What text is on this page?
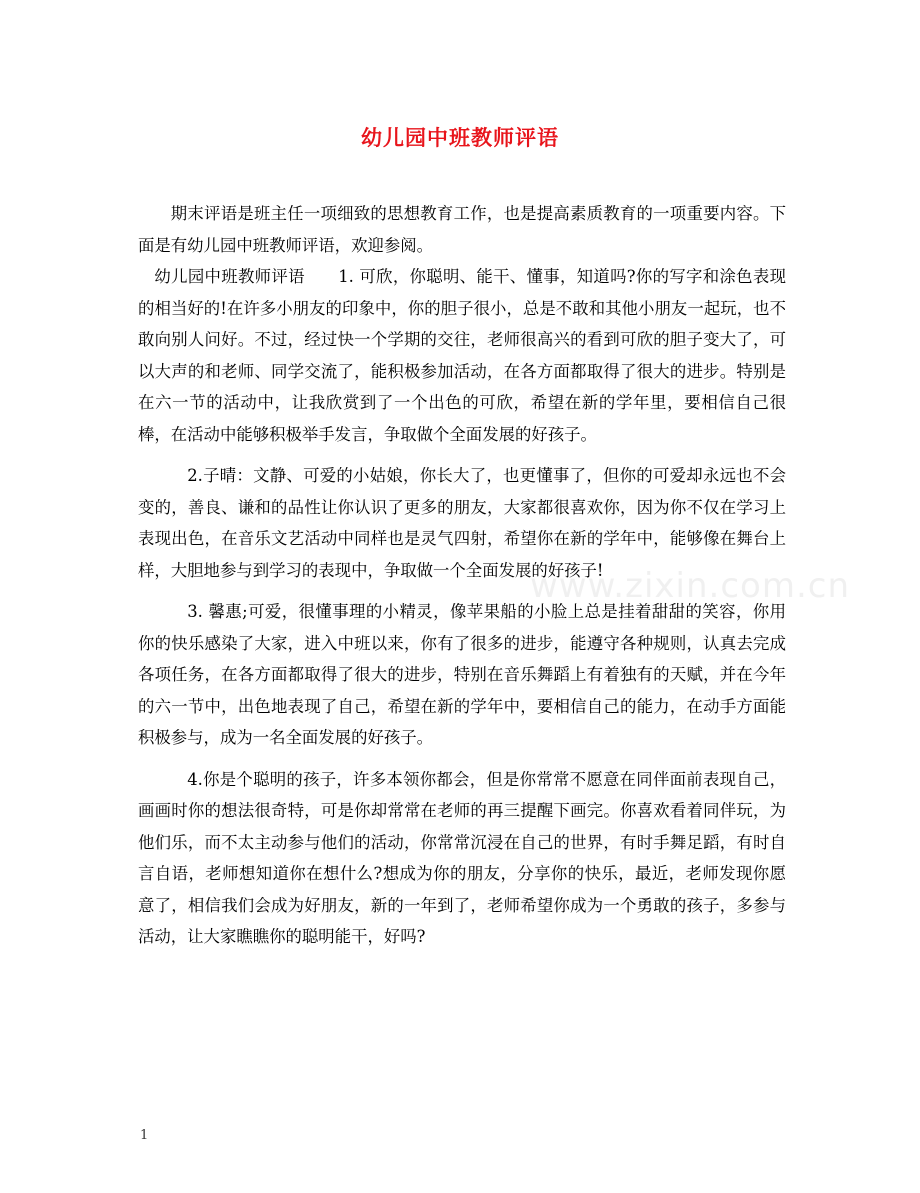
幼儿园中班教师评语
www.zixin.com.cn

期末评语是班主任一项细致的思想教育工作，也是提高素质教育的一项重要内容。下面是有幼儿园中班教师评语，欢迎参阅。

幼儿园中班教师评语　　1. 可欣，你聪明、能干、懂事，知道吗?你的写字和涂色表现的相当好的!在许多小朋友的印象中，你的胆子很小，总是不敢和其他小朋友一起玩，也不敢向别人问好。不过，经过快一个学期的交往，老师很高兴的看到可欣的胆子变大了，可以大声的和老师、同学交流了，能积极参加活动，在各方面都取得了很大的进步。特别是在六一节的活动中，让我欣赏到了一个出色的可欣，希望在新的学年里，要相信自己很棒，在活动中能够积极举手发言，争取做个全面发展的好孩子。

2.子晴：文静、可爱的小姑娘，你长大了，也更懂事了，但你的可爱却永远也不会变的，善良、谦和的品性让你认识了更多的朋友，大家都很喜欢你，因为你不仅在学习上表现出色，在音乐文艺活动中同样也是灵气四射，希望你在新的学年中，能够像在舞台上样，大胆地参与到学习的表现中，争取做一个全面发展的好孩子!

3. 馨惠;可爱，很懂事理的小精灵，像苹果船的小脸上总是挂着甜甜的笑容，你用你的快乐感染了大家，进入中班以来，你有了很多的进步，能遵守各种规则，认真去完成各项任务，在各方面都取得了很大的进步，特别在音乐舞蹈上有着独有的天赋，并在今年的六一节中，出色地表现了自己，希望在新的学年中，要相信自己的能力，在动手方面能积极参与，成为一名全面发展的好孩子。

4.你是个聪明的孩子，许多本领你都会，但是你常常不愿意在同伴面前表现自己，画画时你的想法很奇特，可是你却常常在老师的再三提醒下画完。你喜欢看着同伴玩，为他们乐，而不太主动参与他们的活动，你常常沉浸在自己的世界，有时手舞足蹈，有时自言自语，老师想知道你在想什么?想成为你的朋友，分享你的快乐，最近，老师发现你愿意了，相信我们会成为好朋友，新的一年到了，老师希望你成为一个勇敢的孩子，多参与活动，让大家瞧瞧你的聪明能干，好吗?

1
